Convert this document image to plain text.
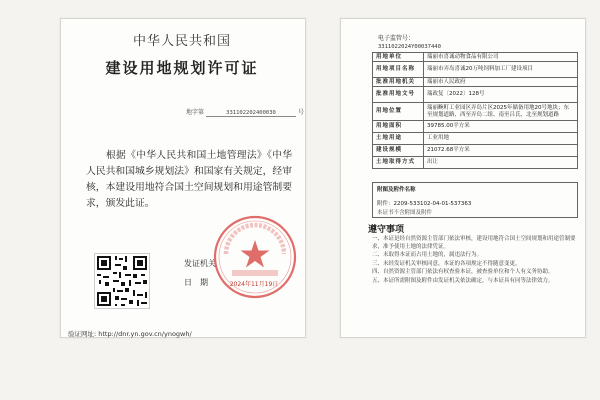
中华人民共和国
建设用地规划许可证
地字第	331102202400030	号
根据《中华人民共和国土地管理法》《中华人民共和国城乡规划法》和国家有关规定，经审核，本建设用地符合国土空间规划和用途管制要求，颁发此证。
发证机关
日　期	2024年11月19日
验证网址: http://dnr.yn.gov.cn/ynogwh/
电子监管号：
3311022024Y00037440
用地单位	瑞丽市喜诚动物食品有限公司
用地项目名称	瑞丽市弄岛喜诚20万吨饲料加工厂建设项目
批准用地机关	瑞丽市人民政府
批准用地文号	瑞政复〔2022〕128号
用地位置	瑞丽畹町工业园区弄岛片区2025年储备用地20号地块；东至规划道路、西至弄岛二组、南至吕氏、北至规划道路
用地面积	39785.00平方米
土地用途	工业用地
建设规模	21072.68平方米
土地取得方式	出让
附图及附件名称
附件：2209-533102-04-01-537363
本证书不含附图及附件
遵守事项
一、本证是经自然资源主管部门依法审核，建设用地符合国土空间规划和用途管制要求，准予使用土地的法律凭证。
二、未取得本证而占用土地的，属违法行为。
三、未经发证机关审核同意，本证的各项规定不得随意变更。
四、自然资源主管部门依法有权查验本证，被查验单位和个人有义务协助。
五、本证所需附图及附件由发证机关依法确定，与本证具有同等法律效力。
